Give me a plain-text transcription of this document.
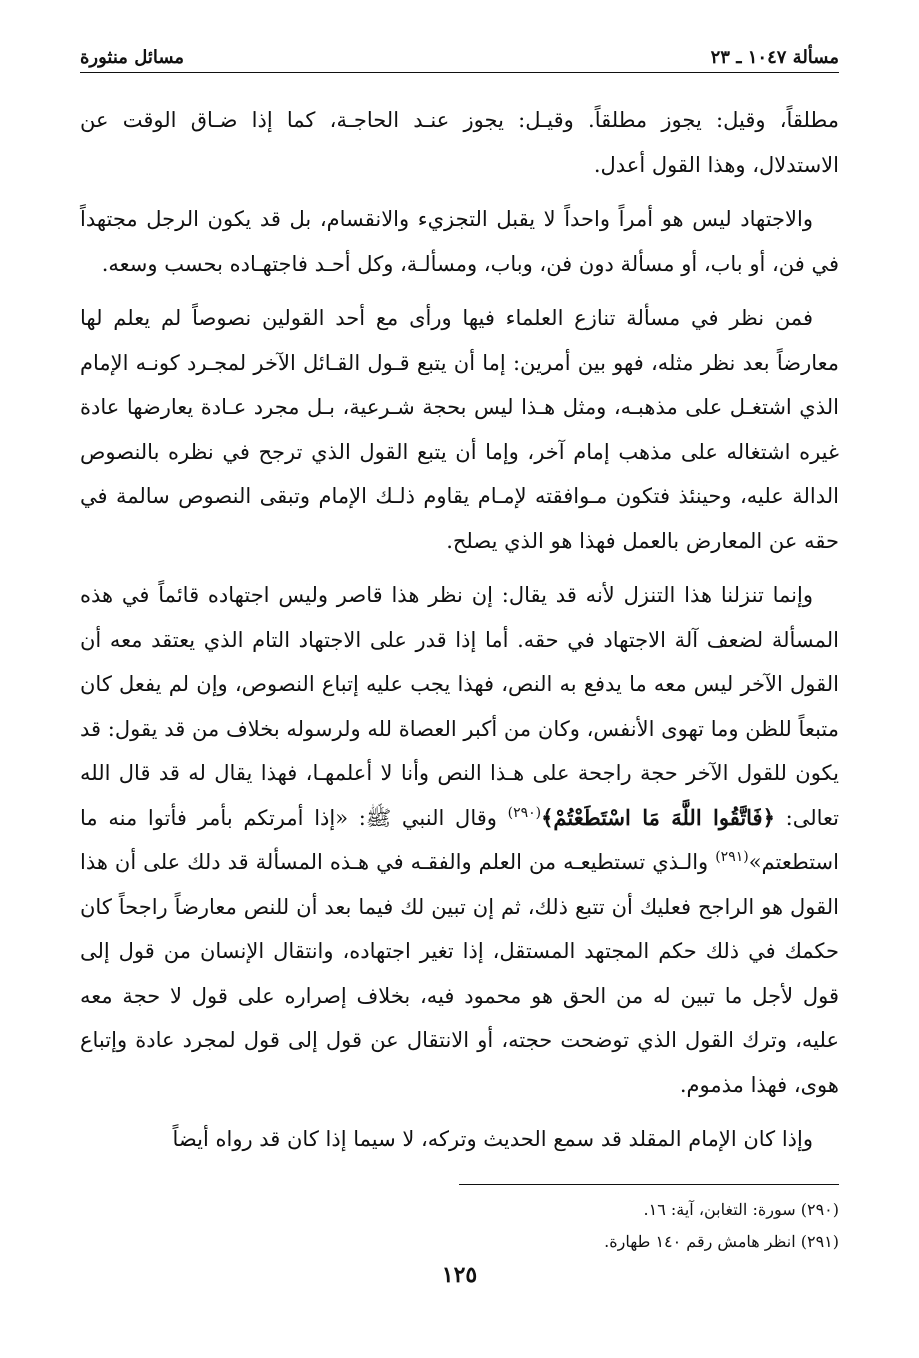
مسألة ١٠٤٧ ـ ٢٣
مسائل منثورة

مطلقاً، وقيل: يجوز مطلقاً. وقيـل: يجوز عنـد الحاجـة، كما إذا ضـاق الوقت عن الاستدلال، وهذا القول أعدل.

والاجتهاد ليس هو أمراً واحداً لا يقبل التجزيء والانقسام، بل قد يكون الرجل مجتهداً في فن، أو باب، أو مسألة دون فن، وباب، ومسألـة، وكل أحـد فاجتهـاده بحسب وسعه.

فمن نظر في مسألة تنازع العلماء فيها ورأى مع أحد القولين نصوصاً لم يعلم لها معارضاً بعد نظر مثله، فهو بين أمرين: إما أن يتبع قـول القـائل الآخر لمجـرد كونـه الإمام الذي اشتغـل على مذهبـه، ومثل هـذا ليس بحجة شـرعية، بـل مجرد عـادة يعارضها عادة غيره اشتغاله على مذهب إمام آخر، وإما أن يتبع القول الذي ترجح في نظره بالنصوص الدالة عليه، وحينئذ فتكون مـوافقته لإمـام يقاوم ذلـك الإمام وتبقى النصوص سالمة في حقه عن المعارض بالعمل فهذا هو الذي يصلح.

وإنما تنزلنا هذا التنزل لأنه قد يقال: إن نظر هذا قاصر وليس اجتهاده قائماً في هذه المسألة لضعف آلة الاجتهاد في حقه. أما إذا قدر على الاجتهاد التام الذي يعتقد معه أن القول الآخر ليس معه ما يدفع به النص، فهذا يجب عليه إتباع النصوص، وإن لم يفعل كان متبعاً للظن وما تهوى الأنفس، وكان من أكبر العصاة لله ولرسوله بخلاف من قد يقول: قد يكون للقول الآخر حجة راجحة على هـذا النص وأنا لا أعلمهـا، فهذا يقال له قد قال الله تعالى: ﴿فَاتَّقُوا اللَّهَ مَا اسْتَطَعْتُمْ﴾$^{(٢٩٠)}$ وقال النبي ﷺ: «إذا أمرتكم بأمر فأتوا منه ما استطعتم»$^{(٢٩١)}$ والـذي تستطيعـه من العلم والفقـه في هـذه المسألة قد دلك على أن هذا القول هو الراجح فعليك أن تتبع ذلك، ثم إن تبين لك فيما بعد أن للنص معارضاً راجحاً كان حكمك في ذلك حكم المجتهد المستقل، إذا تغير اجتهاده، وانتقال الإنسان من قول إلى قول لأجل ما تبين له من الحق هو محمود فيه، بخلاف إصراره على قول لا حجة معه عليه، وترك القول الذي توضحت حجته، أو الانتقال عن قول إلى قول لمجرد عادة وإتباع هوى، فهذا مذموم.

وإذا كان الإمام المقلد قد سمع الحديث وتركه، لا سيما إذا كان قد رواه أيضاً

(٢٩٠) سورة: التغابن، آية: ١٦.
(٢٩١) انظر هامش رقم ١٤٠ طهارة.
١٢٥
